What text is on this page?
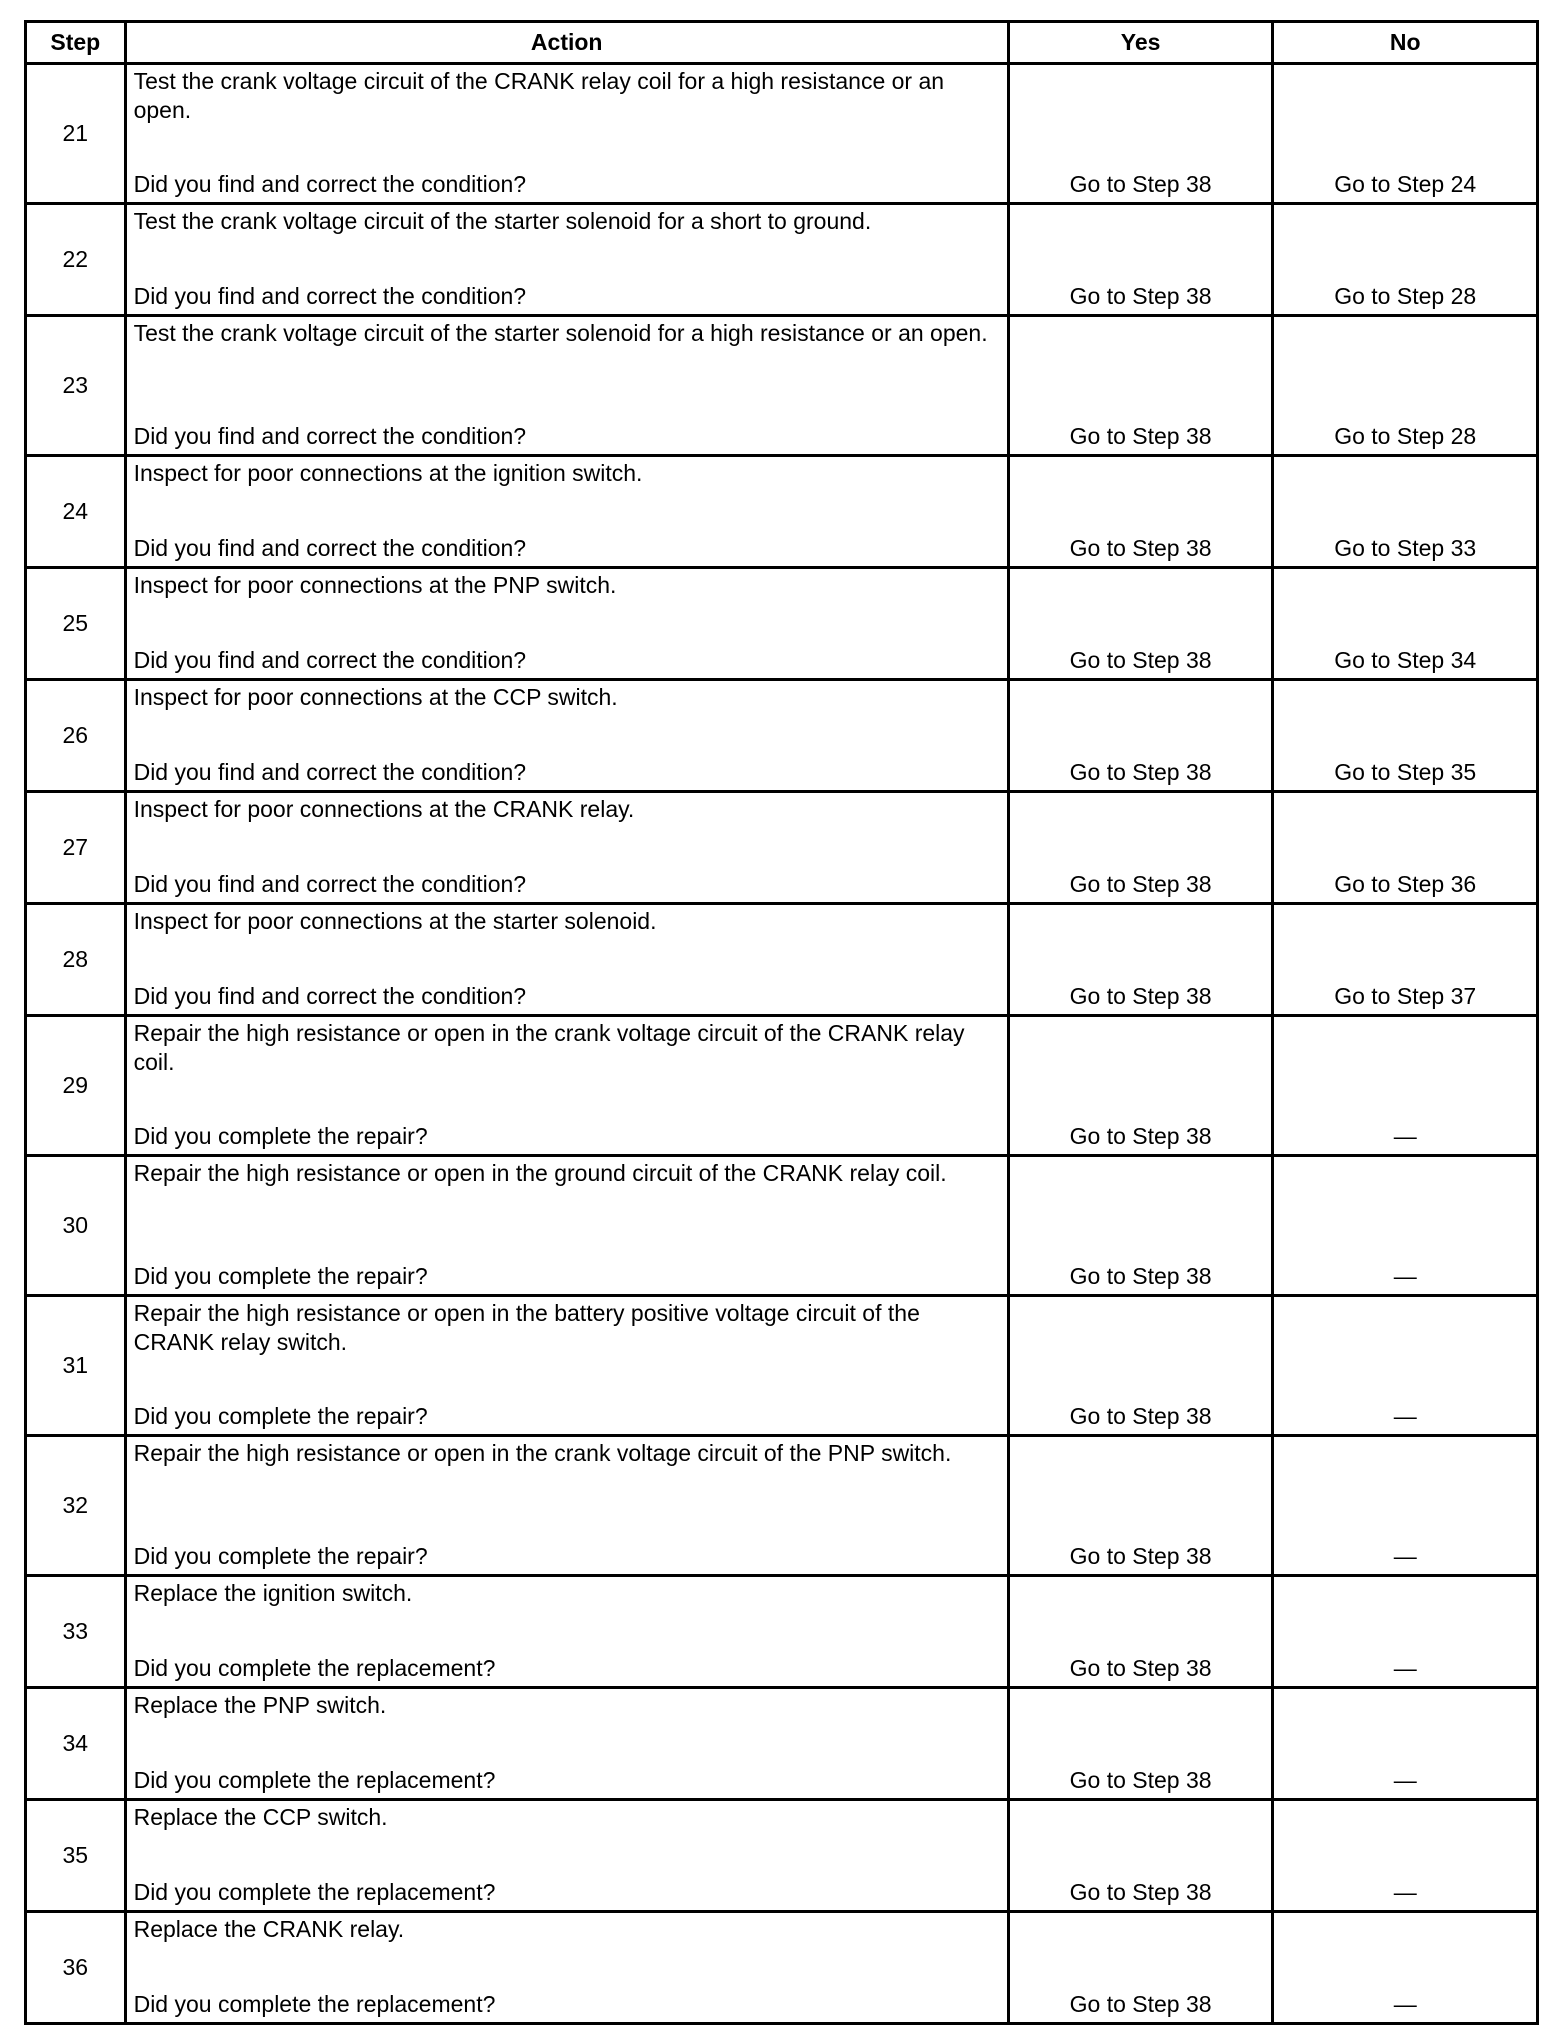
Step	Action	Yes	No
21	Test the crank voltage circuit of the CRANK relay coil for a high resistance or an open.
Did you find and correct the condition?	Go to Step 38	Go to Step 24

22	Test the crank voltage circuit of the starter solenoid for a short to ground.
Did you find and correct the condition?	Go to Step 38	Go to Step 28

23	Test the crank voltage circuit of the starter solenoid for a high resistance or an open.
Did you find and correct the condition?	Go to Step 38	Go to Step 28

24	Inspect for poor connections at the ignition switch.
Did you find and correct the condition?	Go to Step 38	Go to Step 33

25	Inspect for poor connections at the PNP switch.
Did you find and correct the condition?	Go to Step 38	Go to Step 34

26	Inspect for poor connections at the CCP switch.
Did you find and correct the condition?	Go to Step 38	Go to Step 35

27	Inspect for poor connections at the CRANK relay.
Did you find and correct the condition?	Go to Step 38	Go to Step 36

28	Inspect for poor connections at the starter solenoid.
Did you find and correct the condition?	Go to Step 38	Go to Step 37

29	Repair the high resistance or open in the crank voltage circuit of the CRANK relay coil.
Did you complete the repair?	Go to Step 38	—

30	Repair the high resistance or open in the ground circuit of the CRANK relay coil.
Did you complete the repair?	Go to Step 38	—

31	Repair the high resistance or open in the battery positive voltage circuit of the CRANK relay switch.
Did you complete the repair?	Go to Step 38	—

32	Repair the high resistance or open in the crank voltage circuit of the PNP switch.
Did you complete the repair?	Go to Step 38	—

33	Replace the ignition switch.
Did you complete the replacement?	Go to Step 38	—

34	Replace the PNP switch.
Did you complete the replacement?	Go to Step 38	—

35	Replace the CCP switch.
Did you complete the replacement?	Go to Step 38	—

36	Replace the CRANK relay.
Did you complete the replacement?	Go to Step 38	—
